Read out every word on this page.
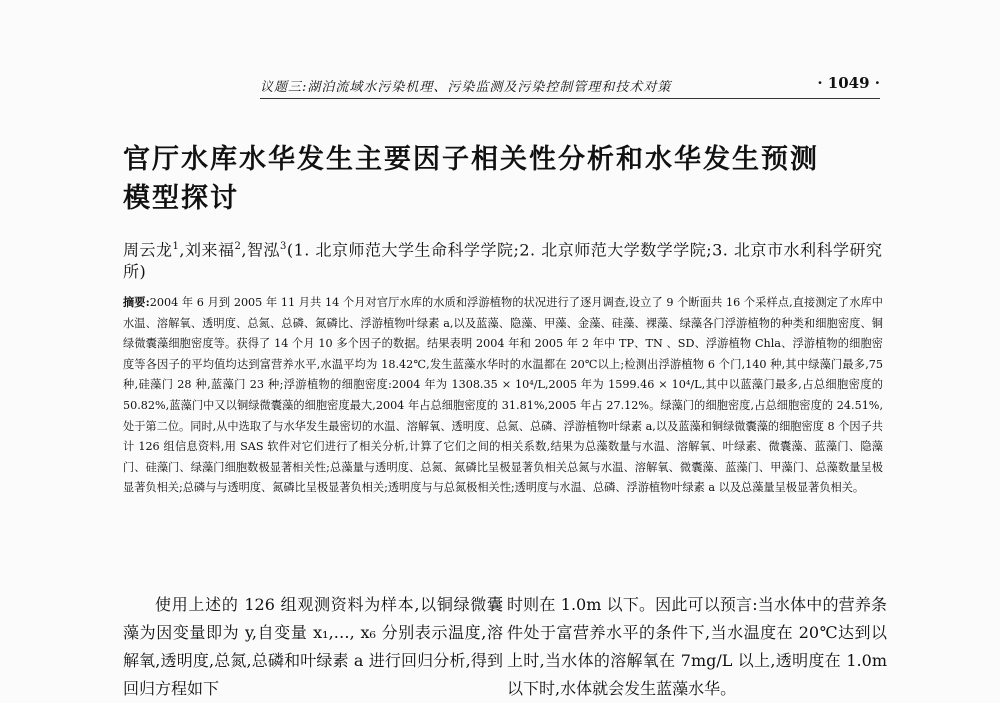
议题三:湖泊流域水污染机理、污染监测及污染控制管理和技术对策	· 1049 ·
官厅水库水华发生主要因子相关性分析和水华发生预测
模型探讨
周云龙$^1$,刘来福$^2$,智泓$^3$(1. 北京师范大学生命科学学院;2. 北京师范大学数学学院;3. 北京市水利科学研究所)
摘要:2004 年 6 月到 2005 年 11 月共 14 个月对官厅水库的水质和浮游植物的状况进行了逐月调查,设立了 9 个断面共 16 个采样点,直接测定了水库中水温、溶解氧、透明度、总氮、总磷、氮磷比、浮游植物叶绿素 a,以及蓝藻、隐藻、甲藻、金藻、硅藻、裸藻、绿藻各门浮游植物的种类和细胞密度、铜绿微囊藻细胞密度等。获得了 14 个月 10 多个因子的数据。结果表明 2004 年和 2005 年 2 年中 TP、TN 、SD、浮游植物 Chla、浮游植物的细胞密度等各因子的平均值均达到富营养水平,水温平均为 18.42℃,发生蓝藻水华时的水温都在 20℃以上;检测出浮游植物 6 个门,140 种,其中绿藻门最多,75 种,硅藻门 28 种,蓝藻门 23 种;浮游植物的细胞密度:2004 年为 1308.35 × 10⁴/L,2005 年为 1599.46 × 10⁴/L,其中以蓝藻门最多,占总细胞密度的 50.82%,蓝藻门中又以铜绿微囊藻的细胞密度最大,2004 年占总细胞密度的 31.81%,2005 年占 27.12%。绿藻门的细胞密度,占总细胞密度的 24.51%,处于第二位。同时,从中选取了与水华发生最密切的水温、溶解氧、透明度、总氮、总磷、浮游植物叶绿素 a,以及蓝藻和铜绿微囊藻的细胞密度 8 个因子共计 126 组信息资料,用 SAS 软件对它们进行了相关分析,计算了它们之间的相关系数,结果为总藻数量与水温、溶解氧、叶绿素、微囊藻、蓝藻门、隐藻门、硅藻门、绿藻门细胞数极显著相关性;总藻量与透明度、总氮、氮磷比呈极显著负相关总氮与水温、溶解氧、微囊藻、蓝藻门、甲藻门、总藻数量呈极显著负相关;总磷与与透明度、氮磷比呈极显著负相关;透明度与与总氮极相关性;透明度与水温、总磷、浮游植物叶绿素 a 以及总藻量呈极显著负相关。
使用上述的 126 组观测资料为样本,以铜绿微囊藻为因变量即为 y,自变量 x₁,…, x₆ 分别表示温度,溶解氧,透明度,总氮,总磷和叶绿素 a 进行回归分析,得到回归方程如下
时则在 1.0m 以下。因此可以预言:当水体中的营养条件处于富营养水平的条件下,当水温度在 20℃达到以上时,当水体的溶解氧在 7mg/L 以上,透明度在 1.0m 以下时,水体就会发生蓝藻水华。
